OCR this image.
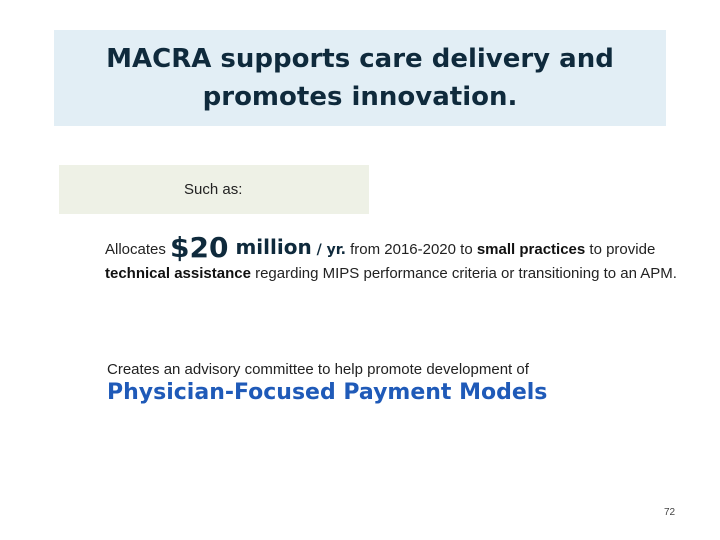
MACRA supports care delivery and
promotes innovation.
Such as:
Allocates $20 million / yr. from 2016-2020 to small practices to provide technical assistance regarding MIPS performance criteria or transitioning to an APM.
Creates an advisory committee to help promote development of
Physician-Focused Payment Models
72
